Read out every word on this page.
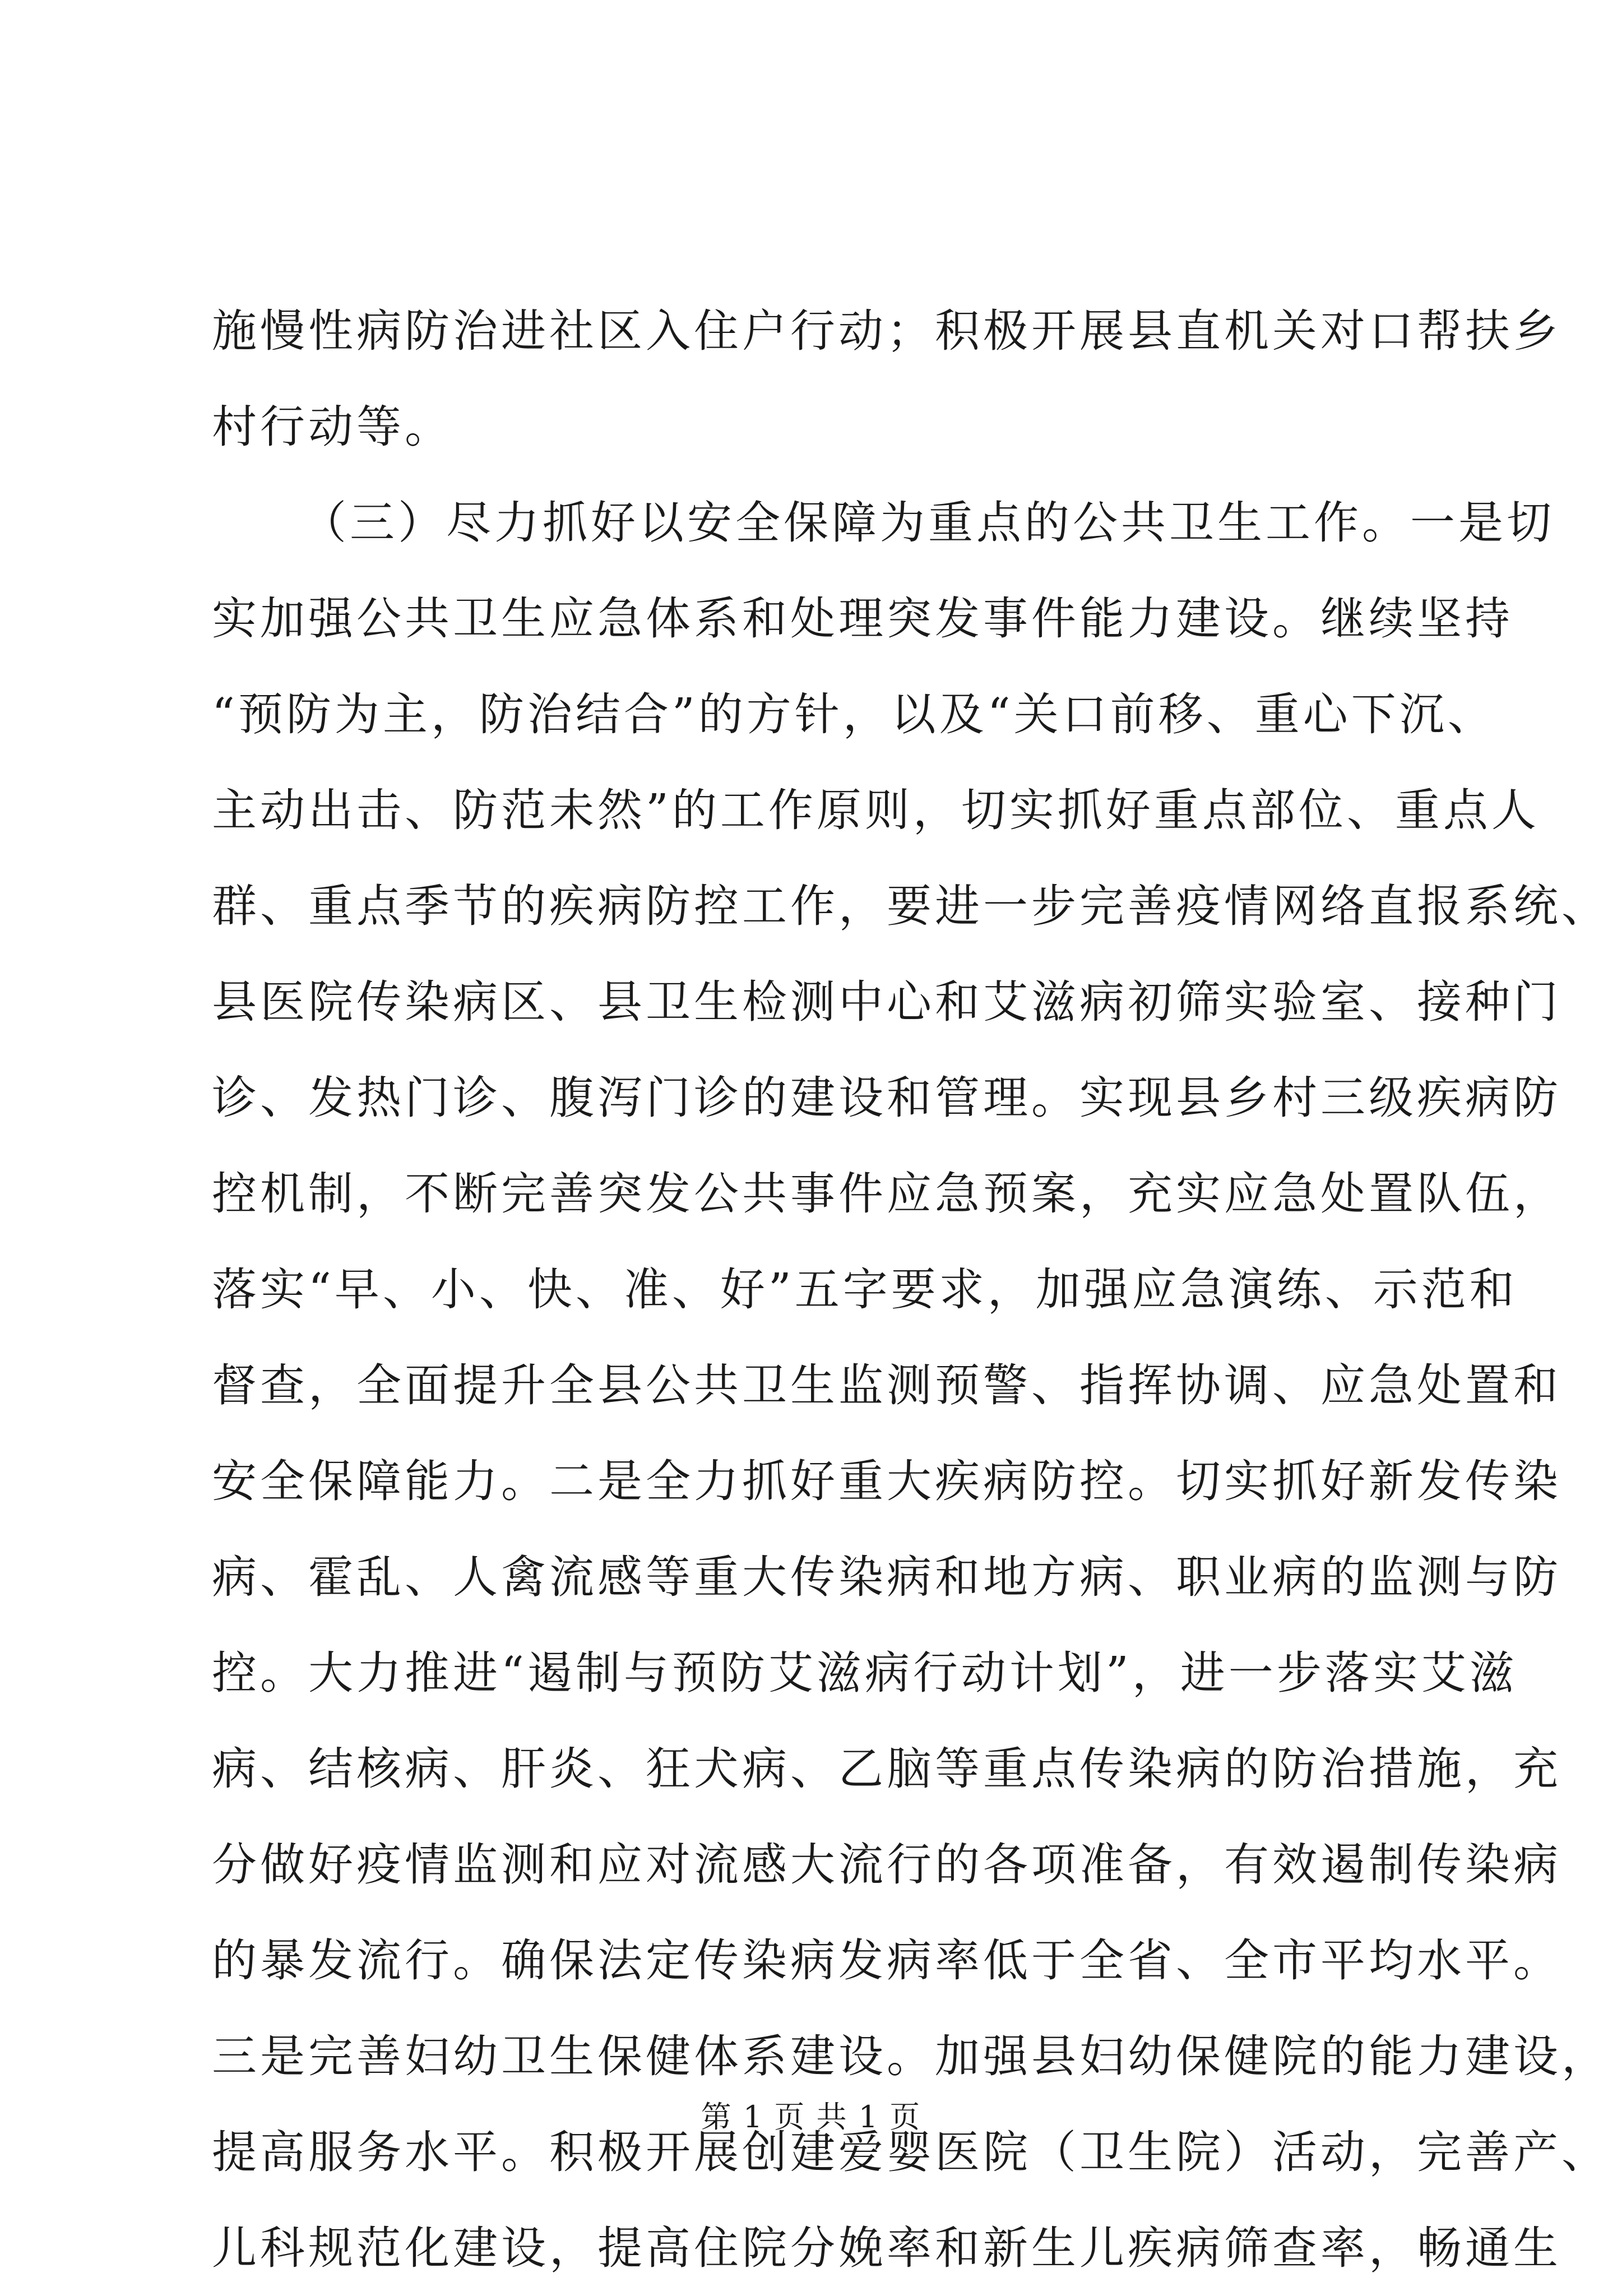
施慢性病防治进社区入住户行动；积极开展县直机关对口帮扶乡
村行动等。
（三）尽力抓好以安全保障为重点的公共卫生工作。一是切
实加强公共卫生应急体系和处理突发事件能力建设。继续坚持
“预防为主，防治结合”的方针，以及“关口前移、重心下沉、
主动出击、防范未然”的工作原则，切实抓好重点部位、重点人
群、重点季节的疾病防控工作，要进一步完善疫情网络直报系统、
县医院传染病区、县卫生检测中心和艾滋病初筛实验室、接种门
诊、发热门诊、腹泻门诊的建设和管理。实现县乡村三级疾病防
控机制，不断完善突发公共事件应急预案，充实应急处置队伍，
落实“早、小、快、准、好”五字要求，加强应急演练、示范和
督查，全面提升全县公共卫生监测预警、指挥协调、应急处置和
安全保障能力。二是全力抓好重大疾病防控。切实抓好新发传染
病、霍乱、人禽流感等重大传染病和地方病、职业病的监测与防
控。大力推进“遏制与预防艾滋病行动计划”，进一步落实艾滋
病、结核病、肝炎、狂犬病、乙脑等重点传染病的防治措施，充
分做好疫情监测和应对流感大流行的各项准备，有效遏制传染病
的暴发流行。确保法定传染病发病率低于全省、全市平均水平。
三是完善妇幼卫生保健体系建设。加强县妇幼保健院的能力建设，
提高服务水平。积极开展创建爱婴医院（卫生院）活动，完善产、
儿科规范化建设，提高住院分娩率和新生儿疾病筛查率，畅通生
第 1 页 共 1 页
